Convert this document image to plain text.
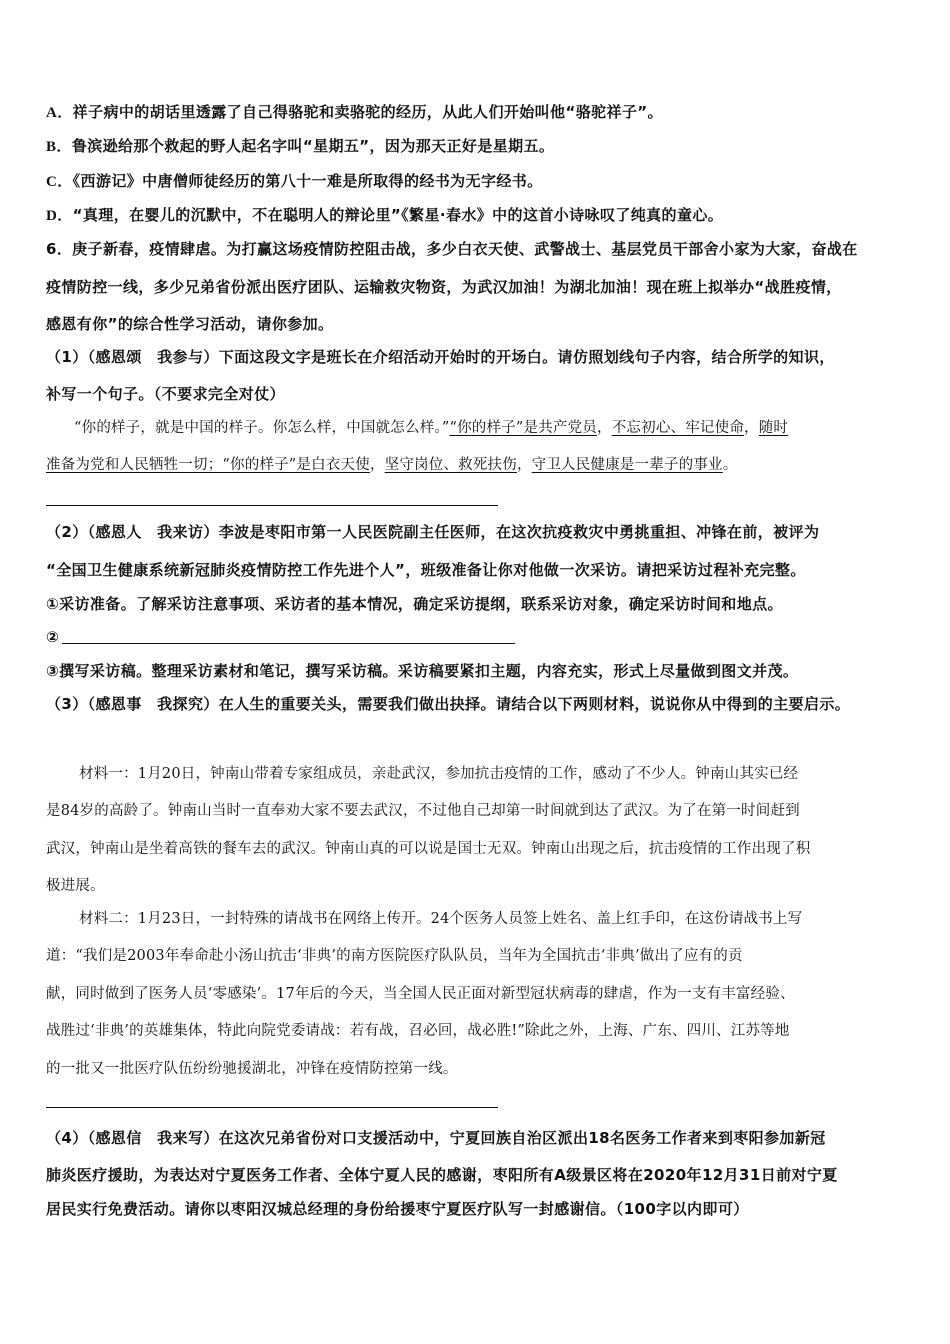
A．祥子病中的胡话里透露了自己得骆驼和卖骆驼的经历，从此人们开始叫他“骆驼祥子”。
B．鲁滨逊给那个救起的野人起名字叫“星期五”，因为那天正好是星期五。
C．《西游记》中唐僧师徒经历的第八十一难是所取得的经书为无字经书。
D．“真理，在婴儿的沉默中，不在聪明人的辩论里”《繁星·春水》中的这首小诗咏叹了纯真的童心。
6．庚子新春，疫情肆虐。为打赢这场疫情防控阻击战，多少白衣天使、武警战士、基层党员干部舍小家为大家，奋战在
疫情防控一线，多少兄弟省份派出医疗团队、运输救灾物资，为武汉加油！为湖北加油！现在班上拟举办“战胜疫情，
感恩有你”的综合性学习活动，请你参加。
（1）（感恩颂　我参与）下面这段文字是班长在介绍活动开始时的开场白。请仿照划线句子内容，结合所学的知识，
补写一个句子。（不要求完全对仗）
“你的样子，就是中国的样子。你怎么样，中国就怎么样。”“你的样子”是共产党员，不忘初心、牢记使命，随时
准备为党和人民牺牲一切；“你的样子”是白衣天使，坚守岗位、救死扶伤，守卫人民健康是一辈子的事业。
（2）（感恩人　我来访）李波是枣阳市第一人民医院副主任医师，在这次抗疫救灾中勇挑重担、冲锋在前，被评为
“全国卫生健康系统新冠肺炎疫情防控工作先进个人”，班级准备让你对他做一次采访。请把采访过程补充完整。
①采访准备。了解采访注意事项、采访者的基本情况，确定采访提纲，联系采访对象，确定采访时间和地点。
②
③撰写采访稿。整理采访素材和笔记，撰写采访稿。采访稿要紧扣主题，内容充实，形式上尽量做到图文并茂。
（3）（感恩事　我探究）在人生的重要关头，需要我们做出抉择。请结合以下两则材料，说说你从中得到的主要启示。
材料一：1月20日，钟南山带着专家组成员，亲赴武汉，参加抗击疫情的工作，感动了不少人。钟南山其实已经
是84岁的高龄了。钟南山当时一直奉劝大家不要去武汉，不过他自己却第一时间就到达了武汉。为了在第一时间赶到
武汉，钟南山是坐着高铁的餐车去的武汉。钟南山真的可以说是国士无双。钟南山出现之后，抗击疫情的工作出现了积
极进展。
材料二：1月23日，一封特殊的请战书在网络上传开。24个医务人员签上姓名、盖上红手印，在这份请战书上写
道：“我们是2003年奉命赴小汤山抗击‘非典’的南方医院医疗队队员，当年为全国抗击‘非典’做出了应有的贡
献，同时做到了医务人员‘零感染’。17年后的今天，当全国人民正面对新型冠状病毒的肆虐，作为一支有丰富经验、
战胜过‘非典’的英雄集体，特此向院党委请战：若有战，召必回，战必胜!”除此之外，上海、广东、四川、江苏等地
的一批又一批医疗队伍纷纷驰援湖北，冲锋在疫情防控第一线。
（4）（感恩信　我来写）在这次兄弟省份对口支援活动中，宁夏回族自治区派出18名医务工作者来到枣阳参加新冠
肺炎医疗援助，为表达对宁夏医务工作者、全体宁夏人民的感谢，枣阳所有A级景区将在2020年12月31日前对宁夏
居民实行免费活动。请你以枣阳汉城总经理的身份给援枣宁夏医疗队写一封感谢信。（100字以内即可）
